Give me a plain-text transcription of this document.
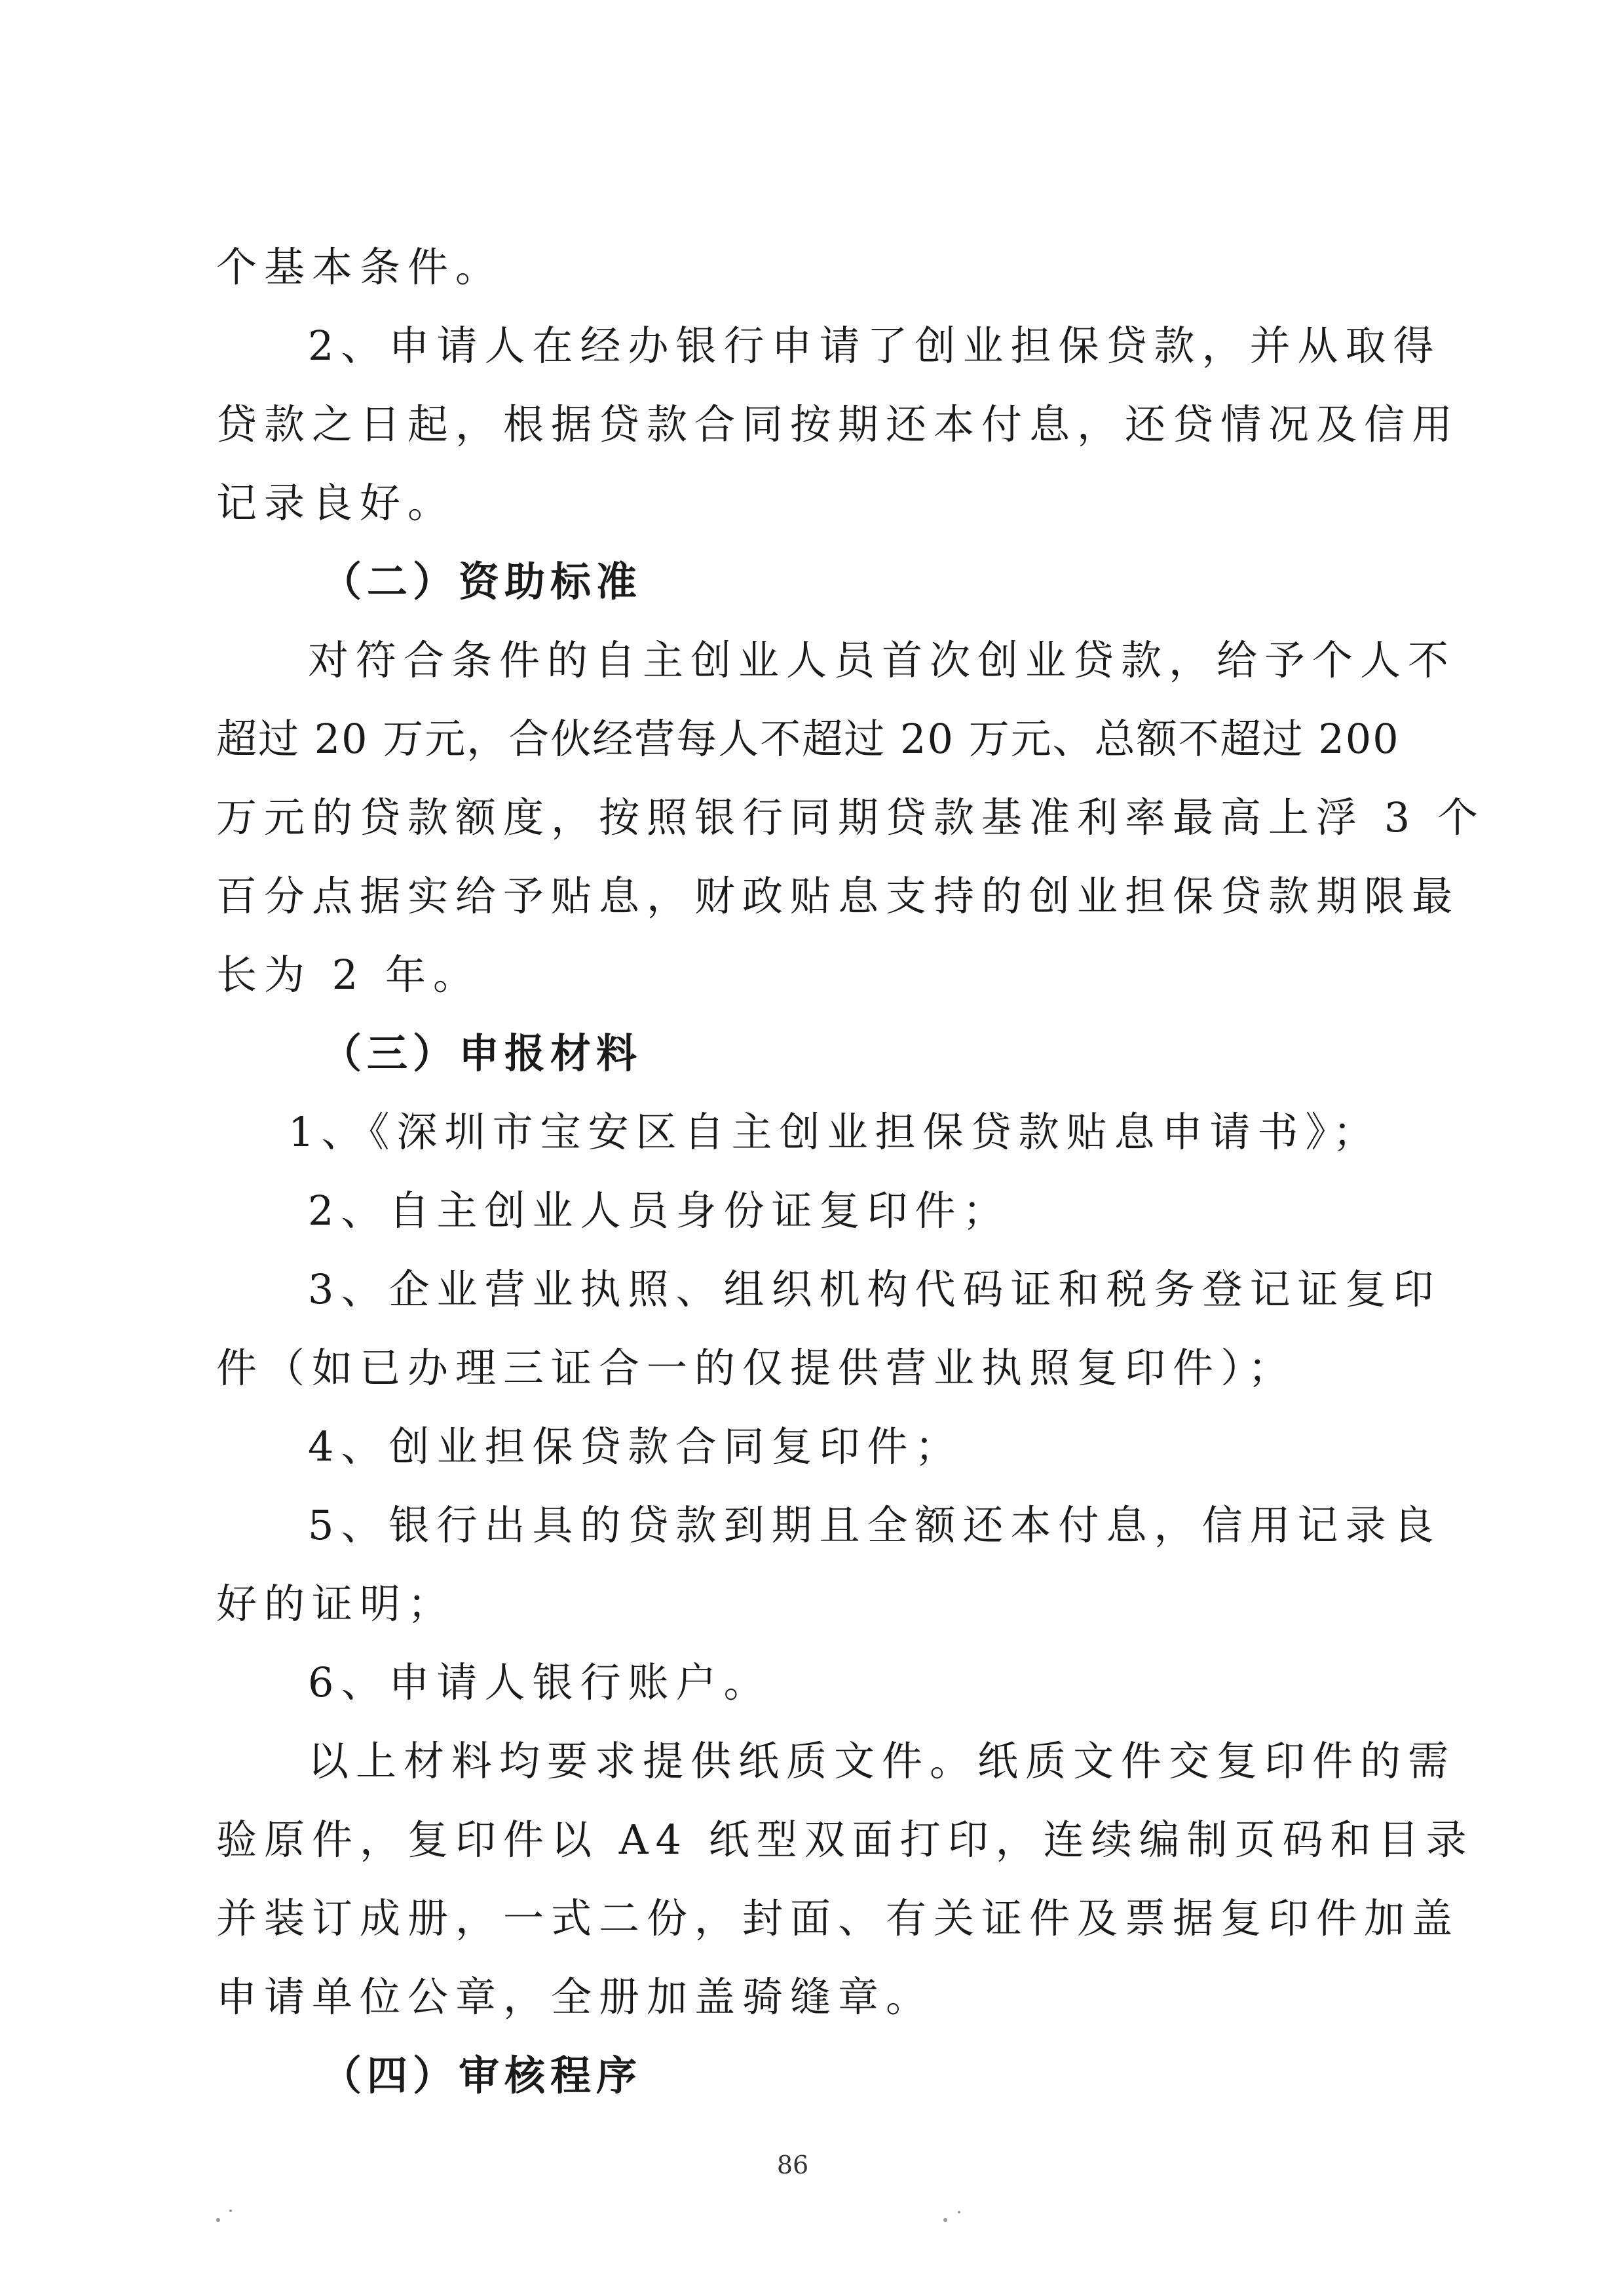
个基本条件。
2、申请人在经办银行申请了创业担保贷款，并从取得
贷款之日起，根据贷款合同按期还本付息，还贷情况及信用
记录良好。
（二）资助标准
对符合条件的自主创业人员首次创业贷款，给予个人不
超过 20 万元，合伙经营每人不超过 20 万元、总额不超过 200
万元的贷款额度，按照银行同期贷款基准利率最高上浮 3 个
百分点据实给予贴息，财政贴息支持的创业担保贷款期限最
长为 2 年。
（三）申报材料
1、《深圳市宝安区自主创业担保贷款贴息申请书》；
2、自主创业人员身份证复印件；
3、企业营业执照、组织机构代码证和税务登记证复印
件（如已办理三证合一的仅提供营业执照复印件）；
4、创业担保贷款合同复印件；
5、银行出具的贷款到期且全额还本付息，信用记录良
好的证明；
6、申请人银行账户。
以上材料均要求提供纸质文件。纸质文件交复印件的需
验原件，复印件以 A4 纸型双面打印，连续编制页码和目录
并装订成册，一式二份，封面、有关证件及票据复印件加盖
申请单位公章，全册加盖骑缝章。
（四）审核程序
86
